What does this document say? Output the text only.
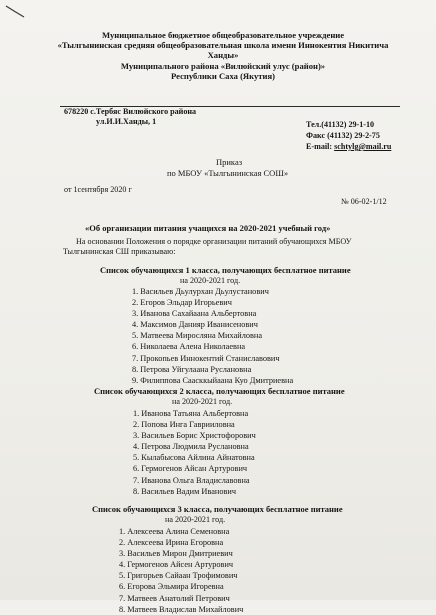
Муниципальное бюджетное общеобразовательное учреждение
«Тылгынинская средняя общеобразовательная школа имени Иннокентия Никитича Ханды»
Муниципального района «Вилюйский улус (район)»
Республики Саха (Якутия)
678220 с.Тербяс Вилюйского района
ул.И.И.Ханды, 1	Тел.(41132) 29-1-10
Факс (41132) 29-2-75
E-mail: schtylg@mail.ru
Приказ
по МБОУ «Тылгынинская СОШ»
от 1сентября 2020 г
№ 06-02-1/12
«Об организации питания учащихся на 2020-2021 учебный год»
На основании Положения о порядке организации питаний обучающихся МБОУ
Тылгынинская СШ приказываю:
Список обучающихся 1 класса, получающих бесплатное питание
на 2020-2021 год.
1. Васильев Дьулурхан Дьулустанович
2. Егоров Эльдар Игорьевич
3. Иванова Сахайаана Альбертовна
4. Максимов Данияр Иванисенович
5. Матвеева Миросляна Михайловна
6. Николаева Алена Николаевна
7. Прокопьев Иннокентий Станиславович
8. Петрова Уйгулаана Руслановна
9. Филиппова Саасккыйаана Куо Дмитриевна
Список обучающихся 2 класса, получающих бесплатное питание
на 2020-2021 год.
1. Иванова Татьяна Альбертовна
2. Попова Инга Гаврииловна
3. Васильев Борис Христофорович
4. Петрова Людмила Руслановна
5. Кылабысова Айлина Айнатовна
6. Гермогенов Айсан Артурович
7. Иванова Ольга Владиславовна
8. Васильев Вадим Иванович
Список обучающихся 3 класса, получающих бесплатное питание
на 2020-2021 год.
1. Алексеева Алина Семеновна
2. Алексеева Ирина Егоровна
3. Васильев Мирон Дмитриевич
4. Гермогенов Айсен Артурович
5. Григорьев Сайаан Трофимович
6. Егорова Эльмира Игоревна
7. Матвеев Анатолий Петрович
8. Матвеев Владислав Михайлович
